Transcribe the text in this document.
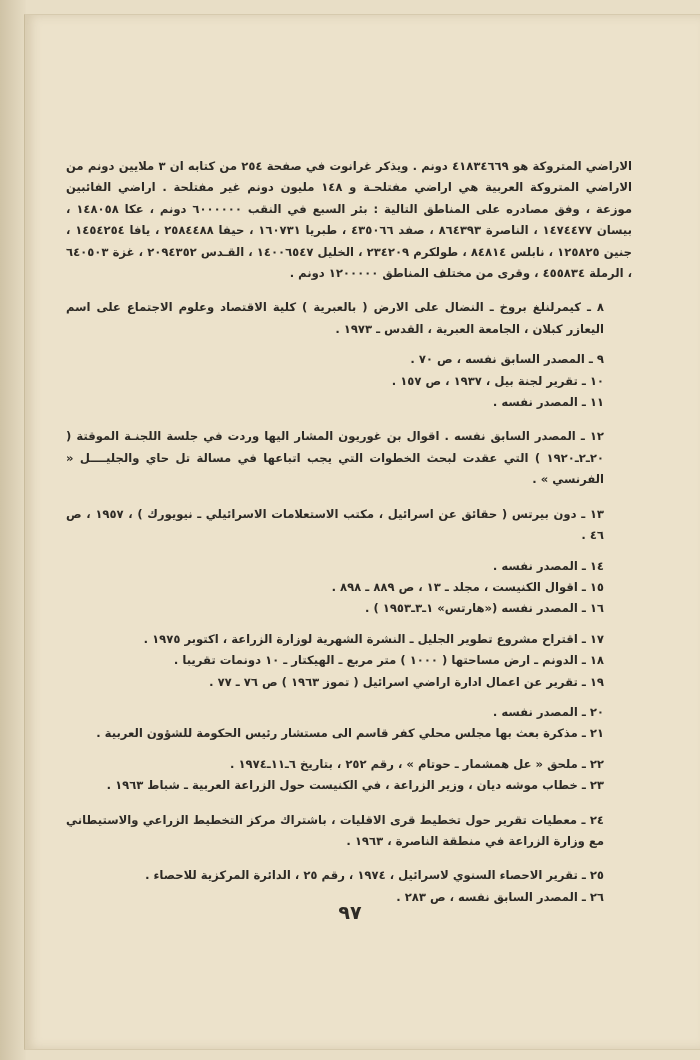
الاراضي المتروكة هو ٤١٨٣٤٦٦٩ دونم . ويذكر غرانوت في صفحة ٢٥٤ من كتابه ان ٣ ملايين دونم من الاراضي المتروكة العربية هي اراضي مفتلحـة و ١٤٨ مليون دونم غير مفتلحة . اراضي الفائبين موزعة ، وفق مصادره على المناطق التالية : بئر السبع في النقب ٦٠٠٠٠٠٠ دونم ، عكا ١٤٨٠٥٨ ، بيسان ١٤٧٤٤٧٧ ، الناصرة ٨٦٤٣٩٣ ، صفد ٤٣٥٠٦٦ ، طبريا ١٦٠٧٣١ ، حيفا ٢٥٨٤٤٨٨ ، يافا ١٤٥٤٢٥٤ ، جنين ١٢٥٨٢٥ ، نابلس ٨٤٨١٤ ، طولكرم ٢٣٤٢٠٩ ، الخليل ١٤٠٠٦٥٤٧ ، القـدس ٢٠٩٤٣٥٢ ، غزة ٦٤٠٥٠٣ ، الرملة ٤٥٥٨٣٤ ، وقرى من مختلف المناطق ١٢٠٠٠٠٠ دونم .

٨ ـ كيمرلنلغ بروخ ـ النضال على الارض ( بالعبرية ) كلية الاقتصاد وعلوم الاجتماع على اسم اليعازر كبلان ، الجامعة العبرية ، القدس ـ ١٩٧٣ .

٩ ـ المصدر السابق نفسه ، ص ٧٠ .

١٠ ـ تقرير لجنة بيل ، ١٩٣٧ ، ص ١٥٧ .

١١ ـ المصدر نفسه .

١٢ ـ المصدر السابق نفسه . اقوال بن غوريون المشار اليها وردت في جلسة اللجنـة الموقتة ( ٢٠ـ٢ـ١٩٢٠ ) التي عقدت لبحث الخطوات التي يجب اتباعها في مسالة تل حاي والجليــــل « الفرنسي » .

١٣ ـ دون بيرتس ( حقائق عن اسرائيل ، مكتب الاستعلامات الاسرائيلي ـ نيويورك ) ، ١٩٥٧ ، ص ٤٦ .

١٤ ـ المصدر نفسه .

١٥ ـ اقوال الكنيست ، مجلد ـ ١٣ ، ص ٨٨٩ ـ ٨٩٨ .

١٦ ـ المصدر نفسه («هارتس» ١ـ٣ـ١٩٥٣ ) .

١٧ ـ اقتراح مشروع تطوير الجليل ـ النشرة الشهرية لوزارة الزراعة ، اكتوبر ١٩٧٥ .

١٨ ـ الدونم ـ ارض مساحتها ( ١٠٠٠ ) متر مربع ـ الهيكتار ـ ١٠ دونمات تقريبا .

١٩ ـ تقرير عن اعمال ادارة اراضي اسرائيل ( تموز ١٩٦٣ ) ص ٧٦ ـ ٧٧ .

٢٠ ـ المصدر نفسه .

٢١ ـ مذكرة بعث بها مجلس محلي كفر قاسم الى مستشار رئيس الحكومة للشؤون العربية .

٢٢ ـ ملحق « عل همشمار ـ حوتام » ، رقم ٢٥٢ ، بتاريخ ٦ـ١١ـ١٩٧٤ .

٢٣ ـ خطاب موشه ديان ، وزير الزراعة ، في الكنيست حول الزراعة العربية ـ شباط ١٩٦٣ .

٢٤ ـ معطيات تقرير حول تخطيط قرى الاقليات ، باشتراك مركز التخطيط الزراعي والاستيطاني مع وزارة الزراعة في منطقة الناصرة ، ١٩٦٣ .

٢٥ ـ تقرير الاحصاء السنوي لاسرائيل ، ١٩٧٤ ، رقم ٢٥ ، الدائرة المركزية للاحصاء .

٢٦ ـ المصدر السابق نفسه ، ص ٢٨٣ .

٩٧
